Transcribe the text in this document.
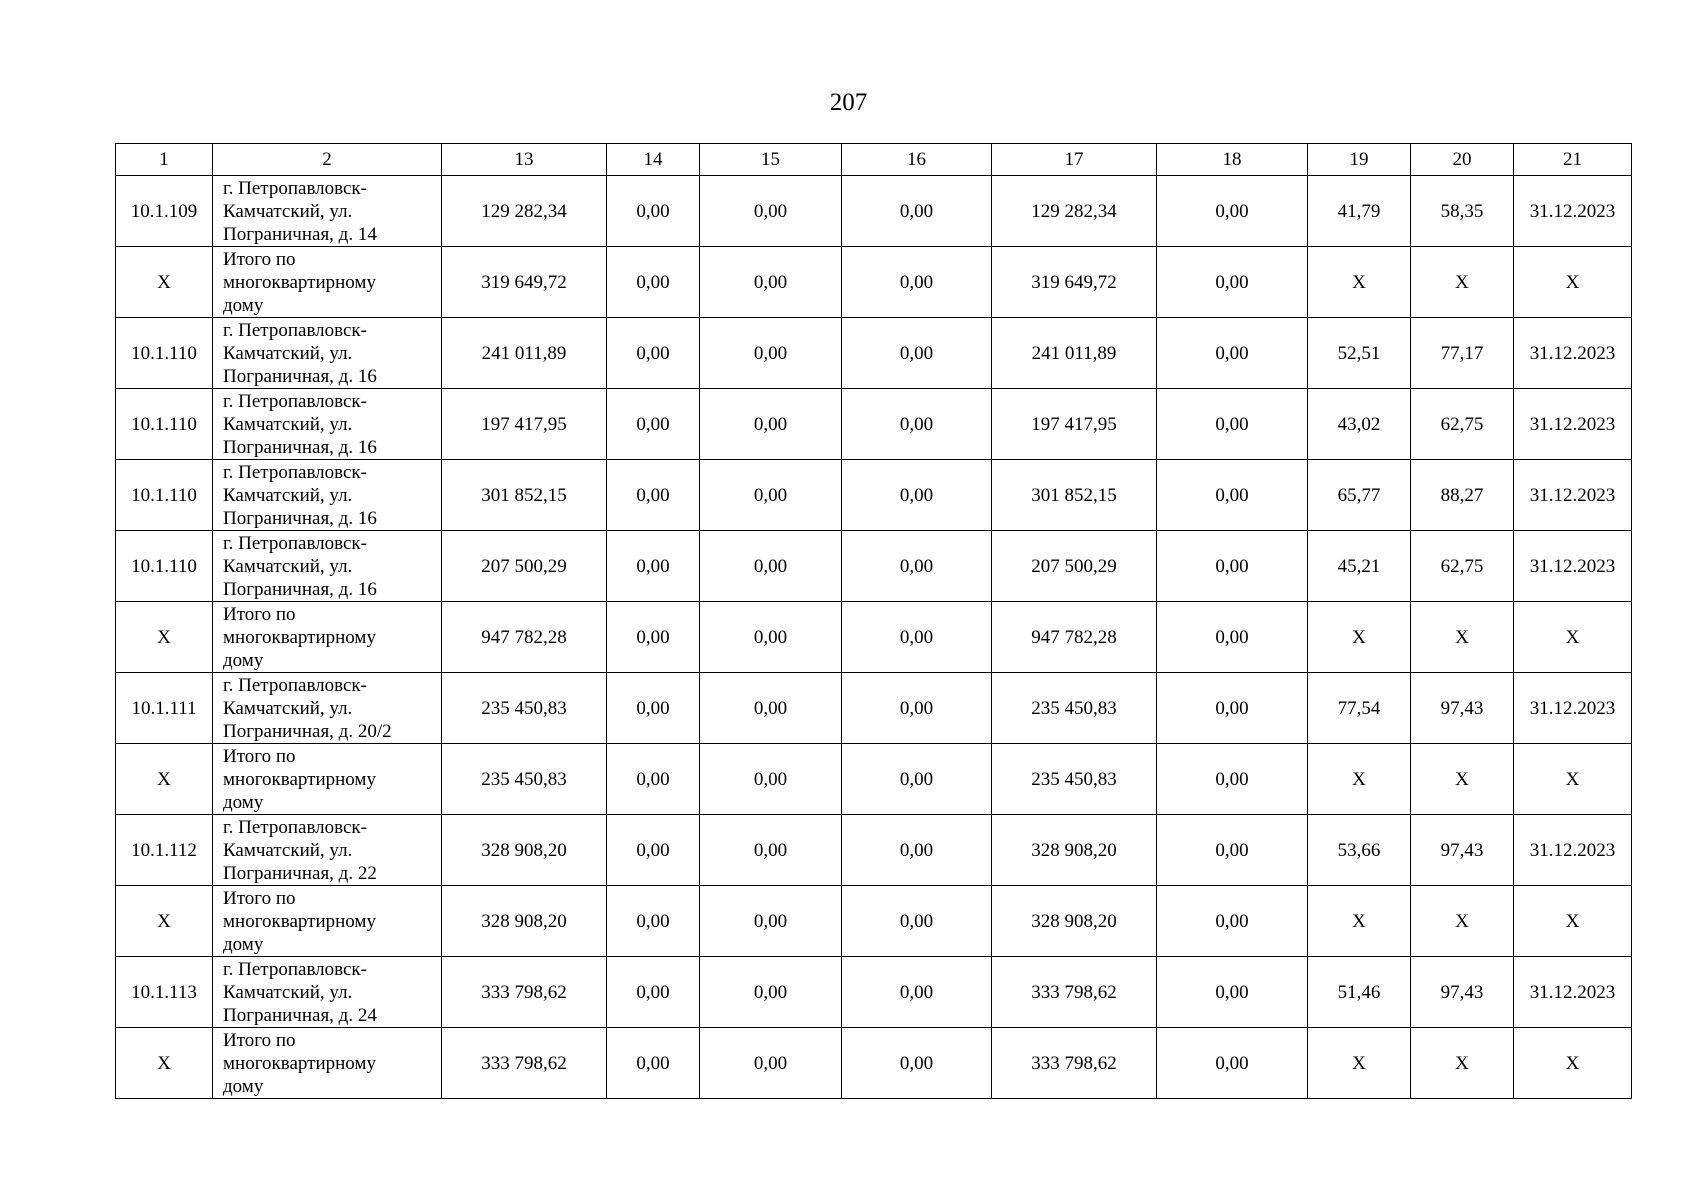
207
1	2	13	14	15	16	17	18	19	20	21
10.1.109	г. Петропавловск-
Камчатский, ул.
Пограничная, д. 14	129 282,34	0,00	0,00	0,00	129 282,34	0,00	41,79	58,35	31.12.2023
Х	Итого по
многоквартирному
дому	319 649,72	0,00	0,00	0,00	319 649,72	0,00	Х	Х	Х
10.1.110	г. Петропавловск-
Камчатский, ул.
Пограничная, д. 16	241 011,89	0,00	0,00	0,00	241 011,89	0,00	52,51	77,17	31.12.2023
10.1.110	г. Петропавловск-
Камчатский, ул.
Пограничная, д. 16	197 417,95	0,00	0,00	0,00	197 417,95	0,00	43,02	62,75	31.12.2023
10.1.110	г. Петропавловск-
Камчатский, ул.
Пограничная, д. 16	301 852,15	0,00	0,00	0,00	301 852,15	0,00	65,77	88,27	31.12.2023
10.1.110	г. Петропавловск-
Камчатский, ул.
Пограничная, д. 16	207 500,29	0,00	0,00	0,00	207 500,29	0,00	45,21	62,75	31.12.2023
Х	Итого по
многоквартирному
дому	947 782,28	0,00	0,00	0,00	947 782,28	0,00	Х	Х	Х
10.1.111	г. Петропавловск-
Камчатский, ул.
Пограничная, д. 20/2	235 450,83	0,00	0,00	0,00	235 450,83	0,00	77,54	97,43	31.12.2023
Х	Итого по
многоквартирному
дому	235 450,83	0,00	0,00	0,00	235 450,83	0,00	Х	Х	Х
10.1.112	г. Петропавловск-
Камчатский, ул.
Пограничная, д. 22	328 908,20	0,00	0,00	0,00	328 908,20	0,00	53,66	97,43	31.12.2023
Х	Итого по
многоквартирному
дому	328 908,20	0,00	0,00	0,00	328 908,20	0,00	Х	Х	Х
10.1.113	г. Петропавловск-
Камчатский, ул.
Пограничная, д. 24	333 798,62	0,00	0,00	0,00	333 798,62	0,00	51,46	97,43	31.12.2023
Х	Итого по
многоквартирному
дому	333 798,62	0,00	0,00	0,00	333 798,62	0,00	Х	Х	Х
